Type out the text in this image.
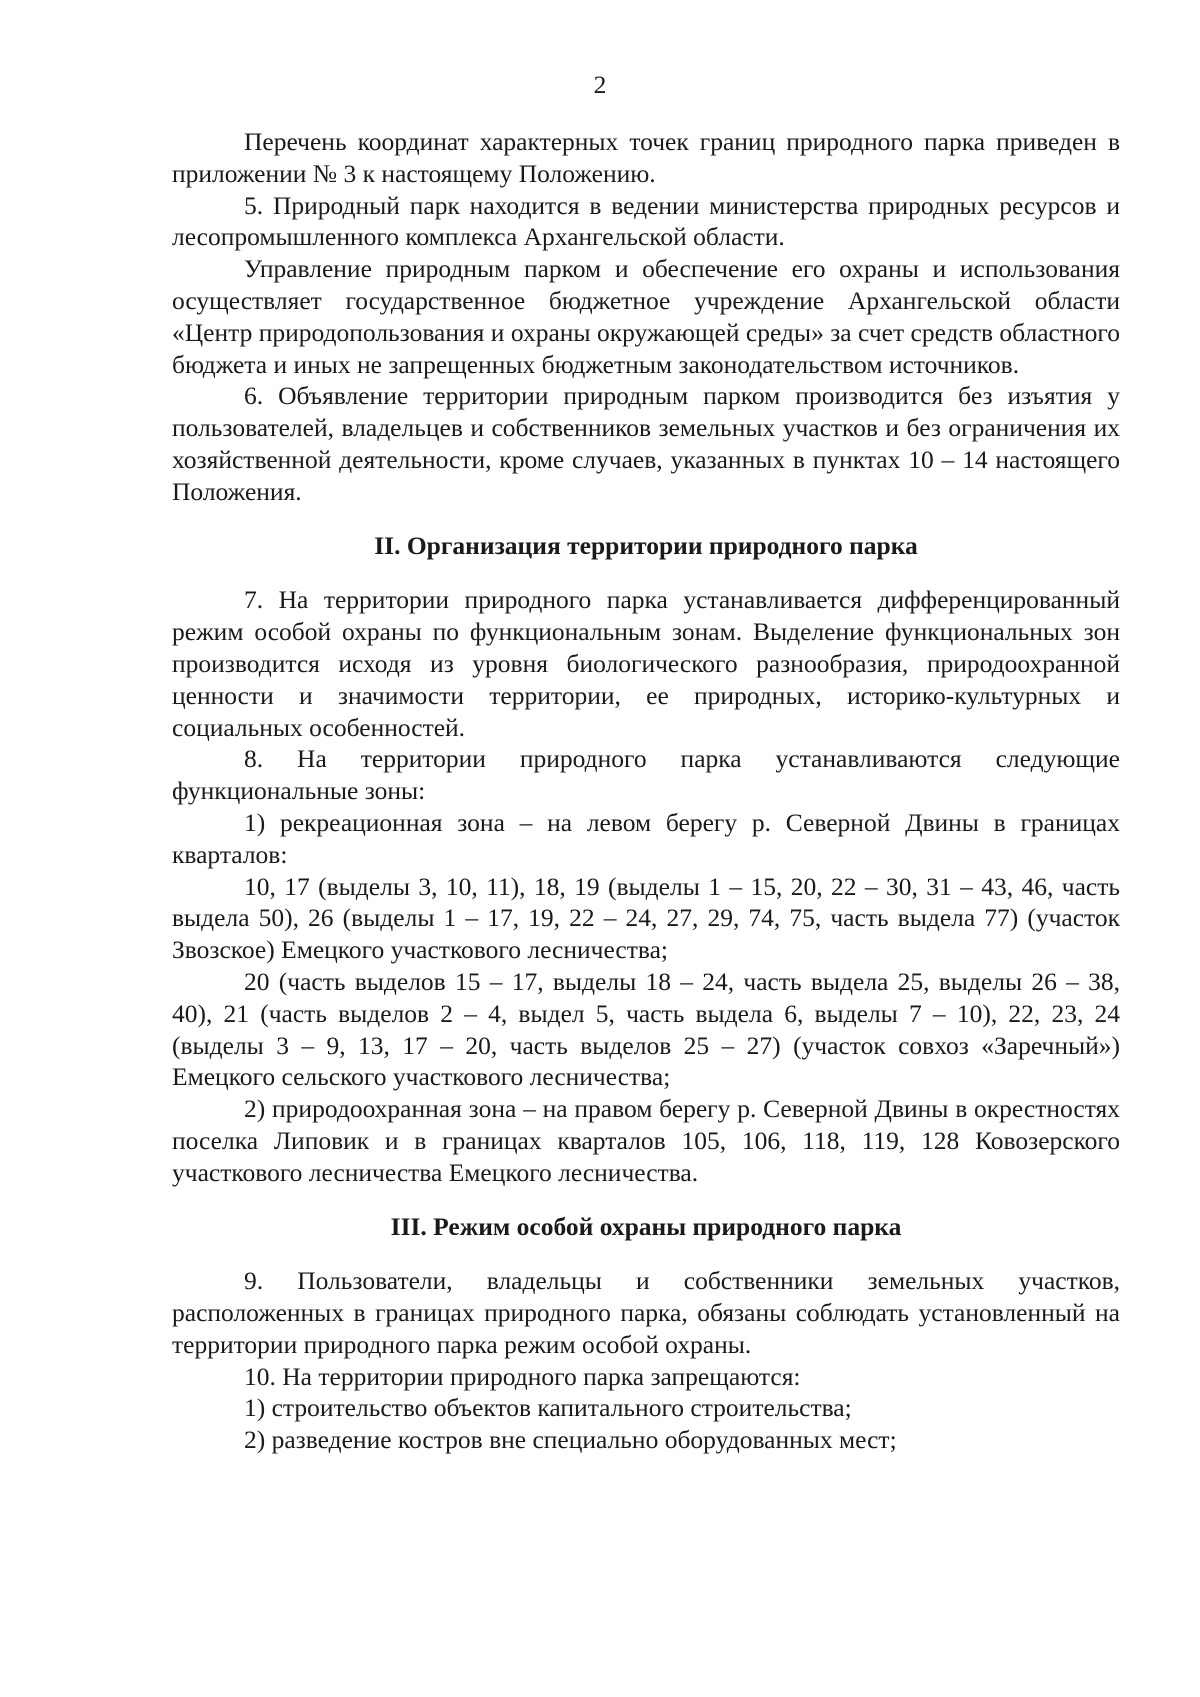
2

Перечень координат характерных точек границ природного парка приведен в приложении № 3 к настоящему Положению.

5. Природный парк находится в ведении министерства природных ресурсов и лесопромышленного комплекса Архангельской области.

Управление природным парком и обеспечение его охраны и использования осуществляет государственное бюджетное учреждение Архангельской области «Центр природопользования и охраны окружающей среды» за счет средств областного бюджета и иных не запрещенных бюджетным законодательством источников.

6. Объявление территории природным парком производится без изъятия у пользователей, владельцев и собственников земельных участков и без ограничения их хозяйственной деятельности, кроме случаев, указанных в пунктах 10 – 14 настоящего Положения.

II. Организация территории природного парка

7. На территории природного парка устанавливается дифференцированный режим особой охраны по функциональным зонам. Выделение функциональных зон производится исходя из уровня биологического разнообразия, природоохранной ценности и значимости территории, ее природных, историко-культурных и социальных особенностей.

8. На территории природного парка устанавливаются следующие функциональные зоны:

1) рекреационная зона – на левом берегу р. Северной Двины в границах кварталов:

10, 17 (выделы 3, 10, 11), 18, 19 (выделы 1 – 15, 20, 22 – 30, 31 – 43, 46, часть выдела 50), 26 (выделы 1 – 17, 19, 22 – 24, 27, 29, 74, 75, часть выдела 77) (участок Звозское) Емецкого участкового лесничества;

20 (часть выделов 15 – 17, выделы 18 – 24, часть выдела 25, выделы 26 – 38, 40), 21 (часть выделов 2 – 4, выдел 5, часть выдела 6, выделы 7 – 10), 22, 23, 24 (выделы 3 – 9, 13, 17 – 20, часть выделов 25 – 27) (участок совхоз «Заречный») Емецкого сельского участкового лесничества;

2) природоохранная зона – на правом берегу р. Северной Двины в окрестностях поселка Липовик и в границах кварталов 105, 106, 118, 119, 128 Ковозерского участкового лесничества Емецкого лесничества.

III. Режим особой охраны природного парка

9. Пользователи, владельцы и собственники земельных участков, расположенных в границах природного парка, обязаны соблюдать установленный на территории природного парка режим особой охраны.

10. На территории природного парка запрещаются:

1) строительство объектов капитального строительства;

2) разведение костров вне специально оборудованных мест;
